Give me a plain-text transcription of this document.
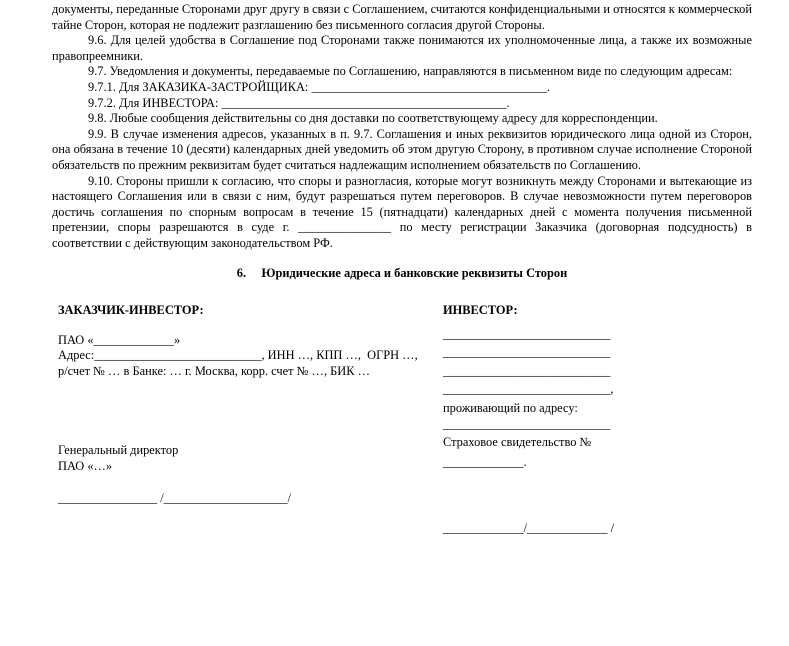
документы, переданные Сторонами друг другу в связи с Соглашением, считаются конфиденциальными и относятся к коммерческой тайне Сторон, которая не подлежит разглашению без письменного согласия другой Стороны.

9.6. Для целей удобства в Соглашение под Сторонами также понимаются их уполномоченные лица, а также их возможные правопреемники.

9.7. Уведомления и документы, передаваемые по Соглашению, направляются в письменном виде по следующим адресам:

9.7.1. Для ЗАКАЗИКА-ЗАСТРОЙЩИКА: ______________________________________.

9.7.2. Для ИНВЕСТОРА: ______________________________________________.

9.8. Любые сообщения действительны со дня доставки по соответствующему адресу для корреспонденции.

9.9. В случае изменения адресов, указанных в п. 9.7. Соглашения и иных реквизитов юридического лица одной из Сторон, она обязана в течение 10 (десяти) календарных дней уведомить об этом другую Сторону, в противном случае исполнение Стороной обязательств по прежним реквизитам будет считаться надлежащим исполнением обязательств по Соглашению.

9.10. Стороны пришли к согласию, что споры и разногласия, которые могут возникнуть между Сторонами и вытекающие из настоящего Соглашения или в связи с ним, будут разрешаться путем переговоров. В случае невозможности путем переговоров достичь соглашения по спорным вопросам в течение 15 (пятнадцати) календарных дней с момента получения письменной претензии, споры разрешаются в суде г. _______________ по месту регистрации Заказчика (договорная подсудность) в соответствии с действующим законодательством РФ.

6.     Юридические адреса и банковские реквизиты Сторон

ЗАКАЗЧИК-ИНВЕСТОР:

ПАО «_____________»

Адрес:___________________________, ИНН …, КПП …,  ОГРН …,

р/счет № … в Банке: … г. Москва, корр. счет № …, БИК …

Генеральный директор

ПАО «…»

________________ /____________________/

ИНВЕСТОР:

___________________________

___________________________

___________________________

___________________________,

проживающий по адресу:

___________________________

Страховое свидетельство №

_____________.

_____________/_____________ /
